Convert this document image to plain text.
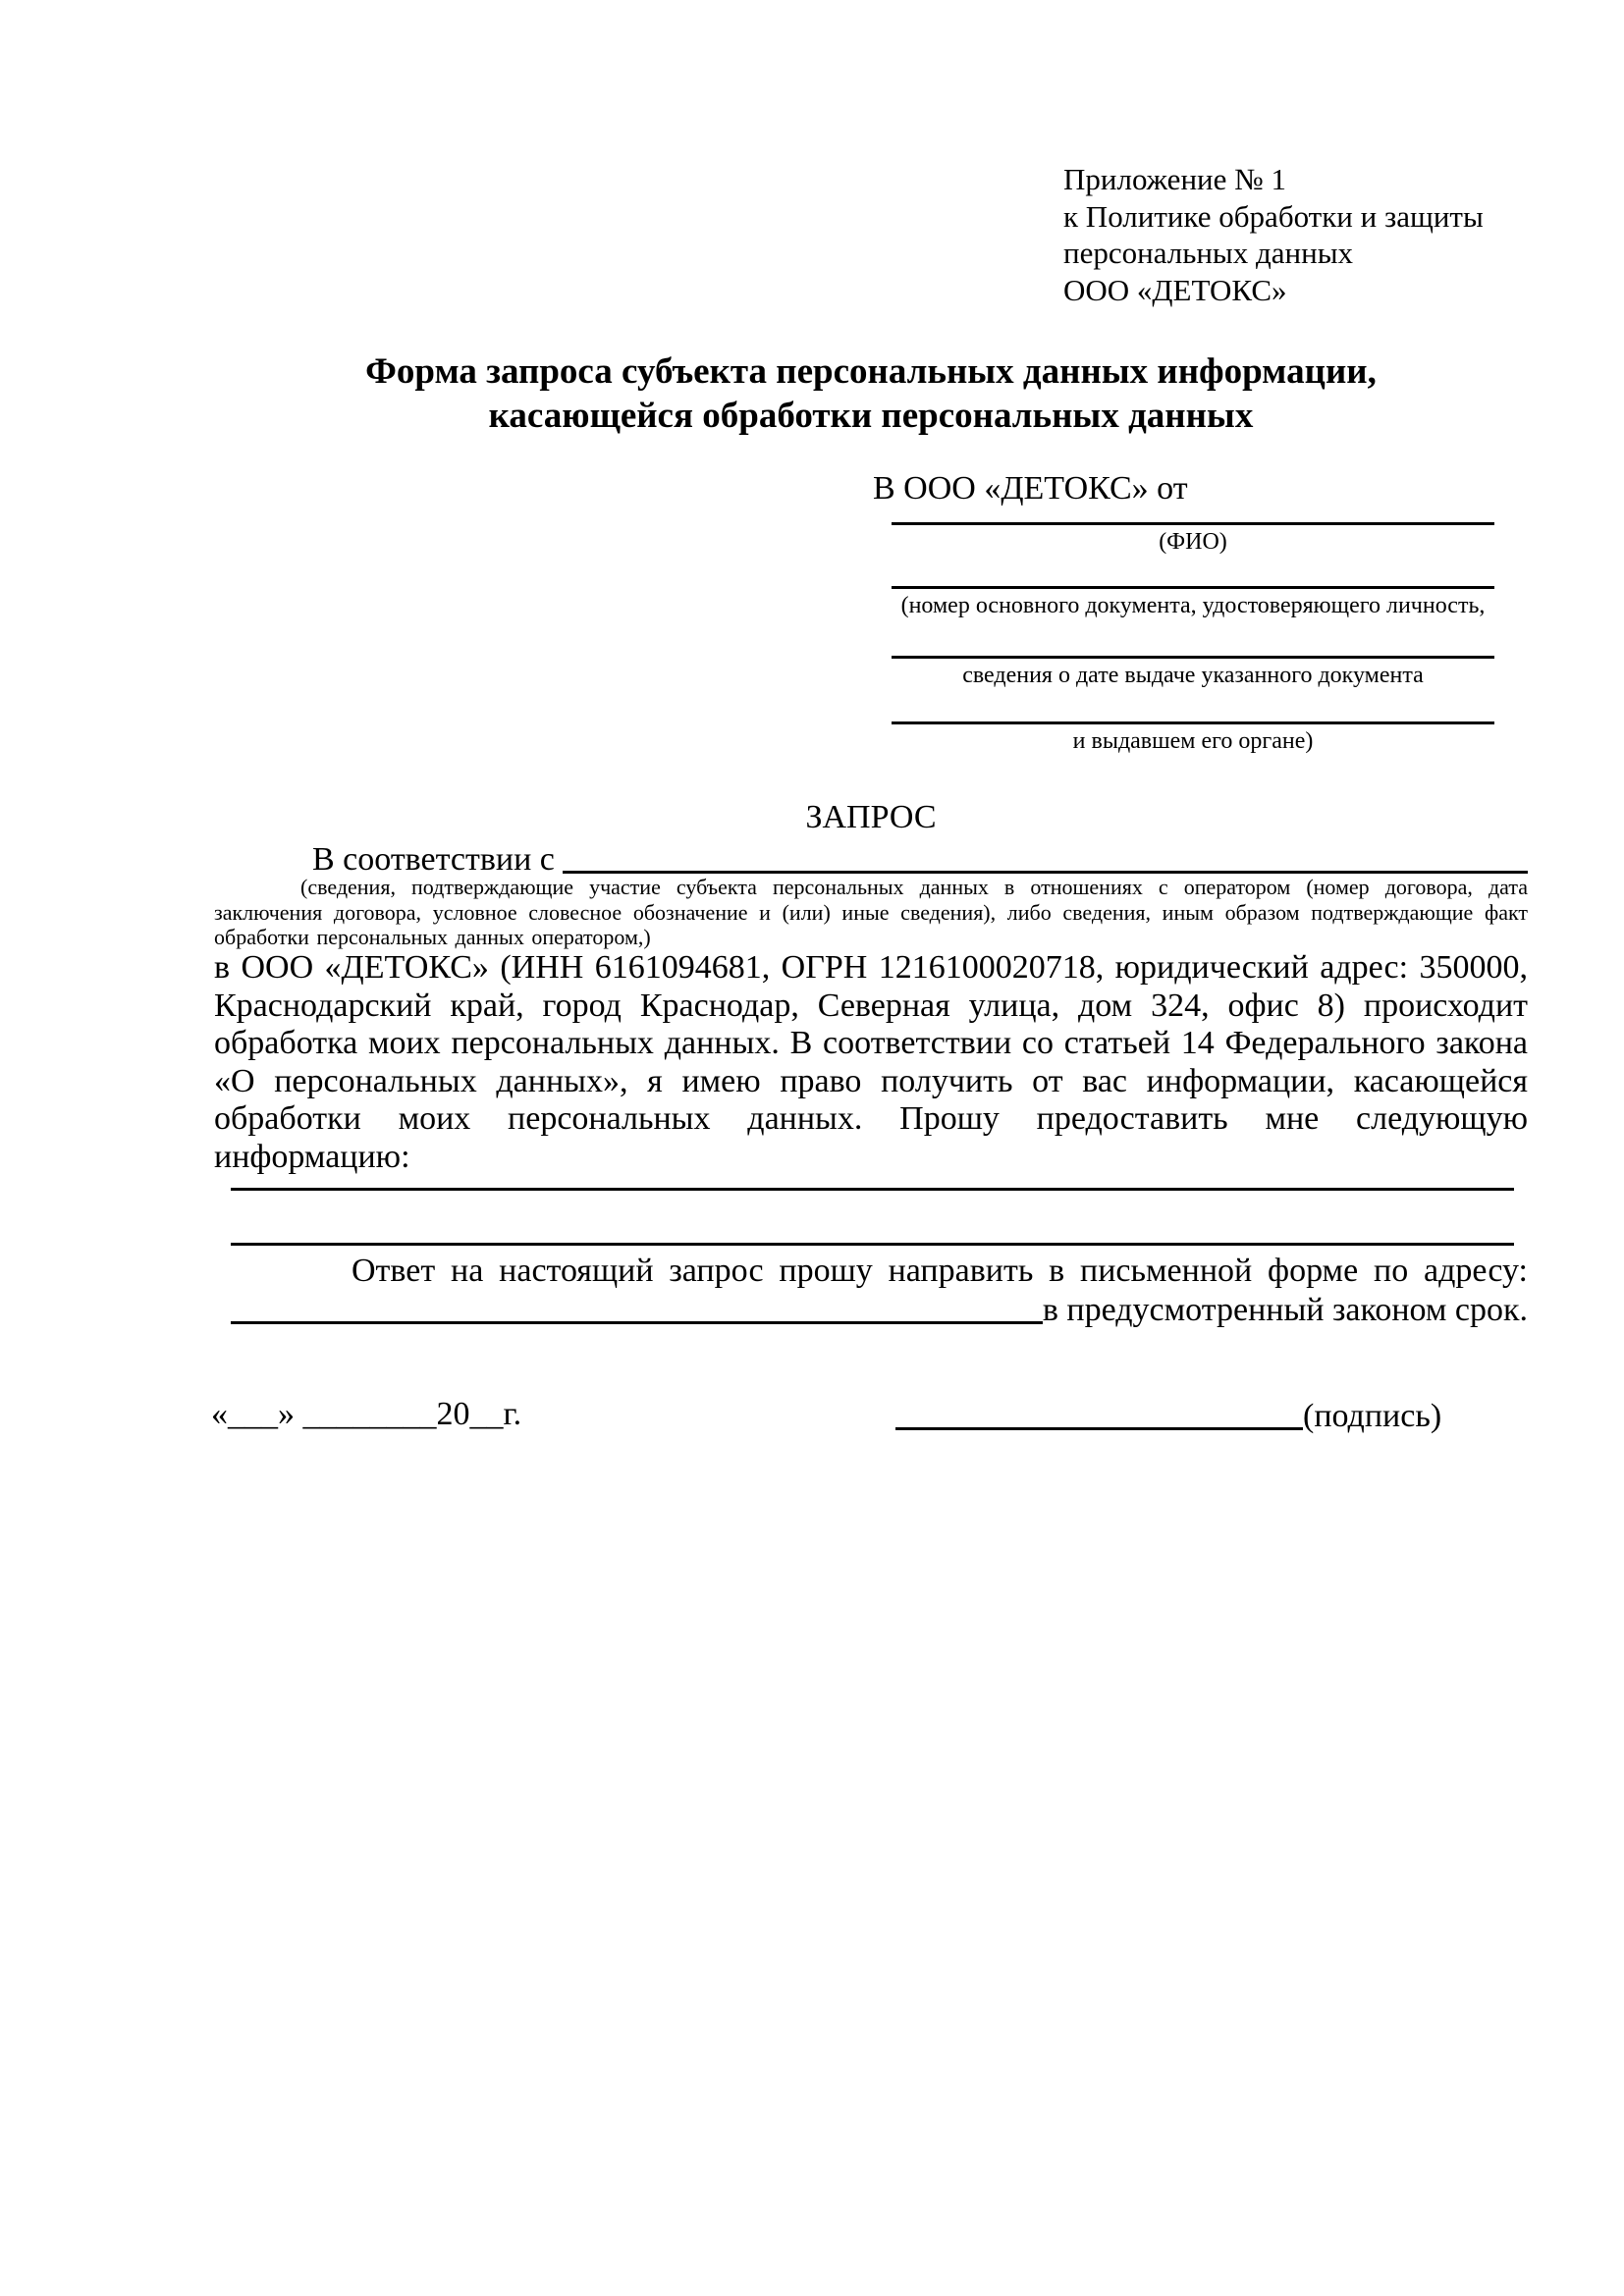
Приложение № 1
к Политике обработки и защиты
персональных данных
ООО «ДЕТОКС»
Форма запроса субъекта персональных данных информации,
касающейся обработки персональных данных
В ООО «ДЕТОКС» от
(ФИО)
(номер основного документа, удостоверяющего личность,
сведения о дате выдаче указанного документа
и выдавшем его органе)
ЗАПРОС
В соответствии с
(сведения, подтверждающие участие субъекта персональных данных в отношениях с оператором (номер договора, дата заключения договора, условное словесное обозначение и (или) иные сведения), либо сведения, иным образом подтверждающие факт обработки персональных данных оператором,)
в ООО «ДЕТОКС» (ИНН 6161094681, ОГРН 1216100020718, юридический адрес: 350000, Краснодарский край, город Краснодар, Северная улица, дом 324, офис 8) происходит обработка моих персональных данных. В соответствии со статьей 14 Федерального закона «О персональных данных», я имею право получить от вас информации, касающейся обработки моих персональных данных. Прошу предоставить мне следующую информацию:
Ответ на настоящий запрос прошу направить в письменной форме по адресу:
в предусмотренный законом срок.
«___» ________20__г.	(подпись)
